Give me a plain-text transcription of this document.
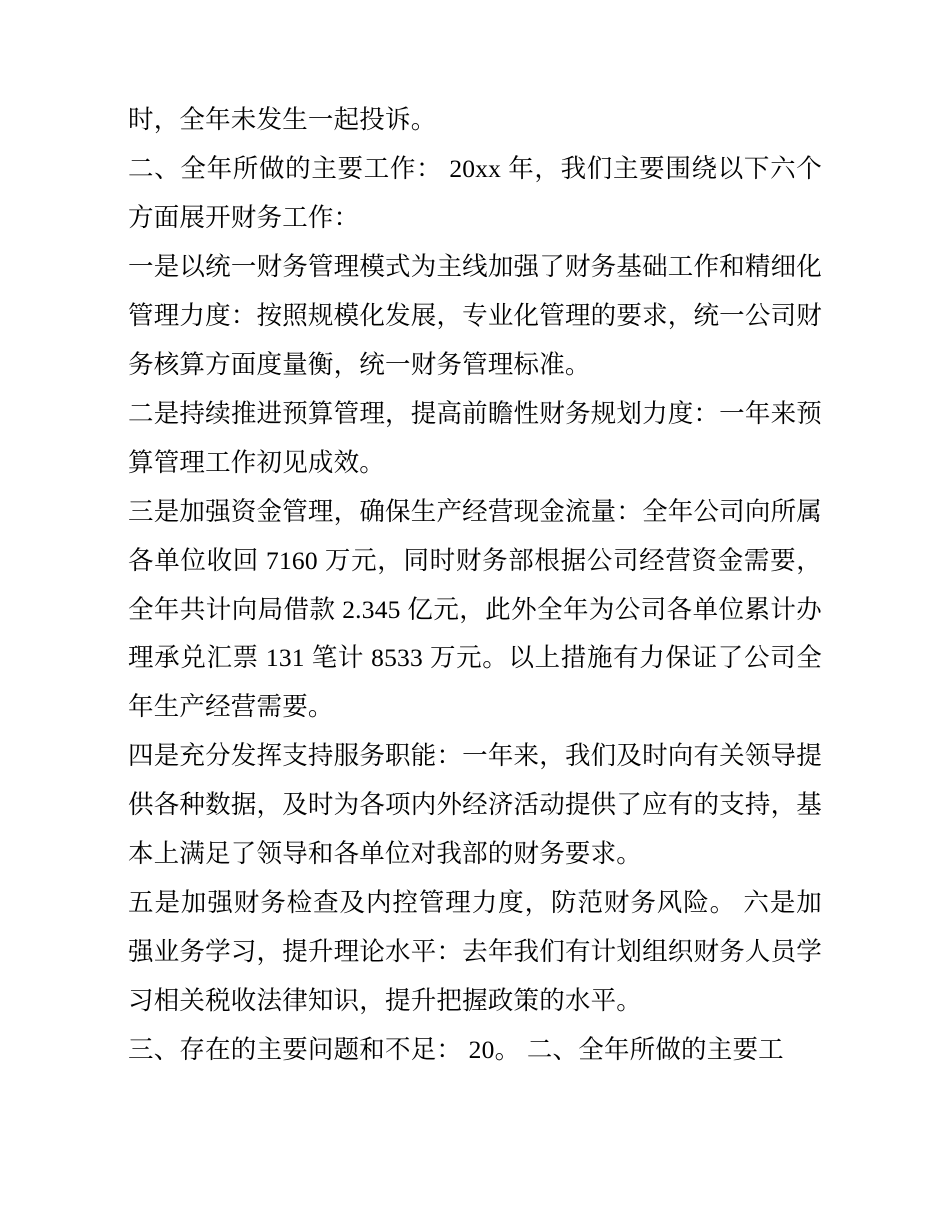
时，全年未发生一起投诉。

二、全年所做的主要工作： 20xx 年，我们主要围绕以下六个方面展开财务工作：

一是以统一财务管理模式为主线加强了财务基础工作和精细化管理力度：按照规模化发展，专业化管理的要求，统一公司财务核算方面度量衡，统一财务管理标准。

二是持续推进预算管理，提高前瞻性财务规划力度：一年来预算管理工作初见成效。

三是加强资金管理，确保生产经营现金流量：全年公司向所属各单位收回 7160 万元，同时财务部根据公司经营资金需要，全年共计向局借款 2.345 亿元，此外全年为公司各单位累计办理承兑汇票 131 笔计 8533 万元。以上措施有力保证了公司全年生产经营需要。

四是充分发挥支持服务职能：一年来，我们及时向有关领导提供各种数据，及时为各项内外经济活动提供了应有的支持，基本上满足了领导和各单位对我部的财务要求。

五是加强财务检查及内控管理力度，防范财务风险。 六是加强业务学习，提升理论水平：去年我们有计划组织财务人员学习相关税收法律知识，提升把握政策的水平。

三、存在的主要问题和不足： 20。 二、全年所做的主要工
